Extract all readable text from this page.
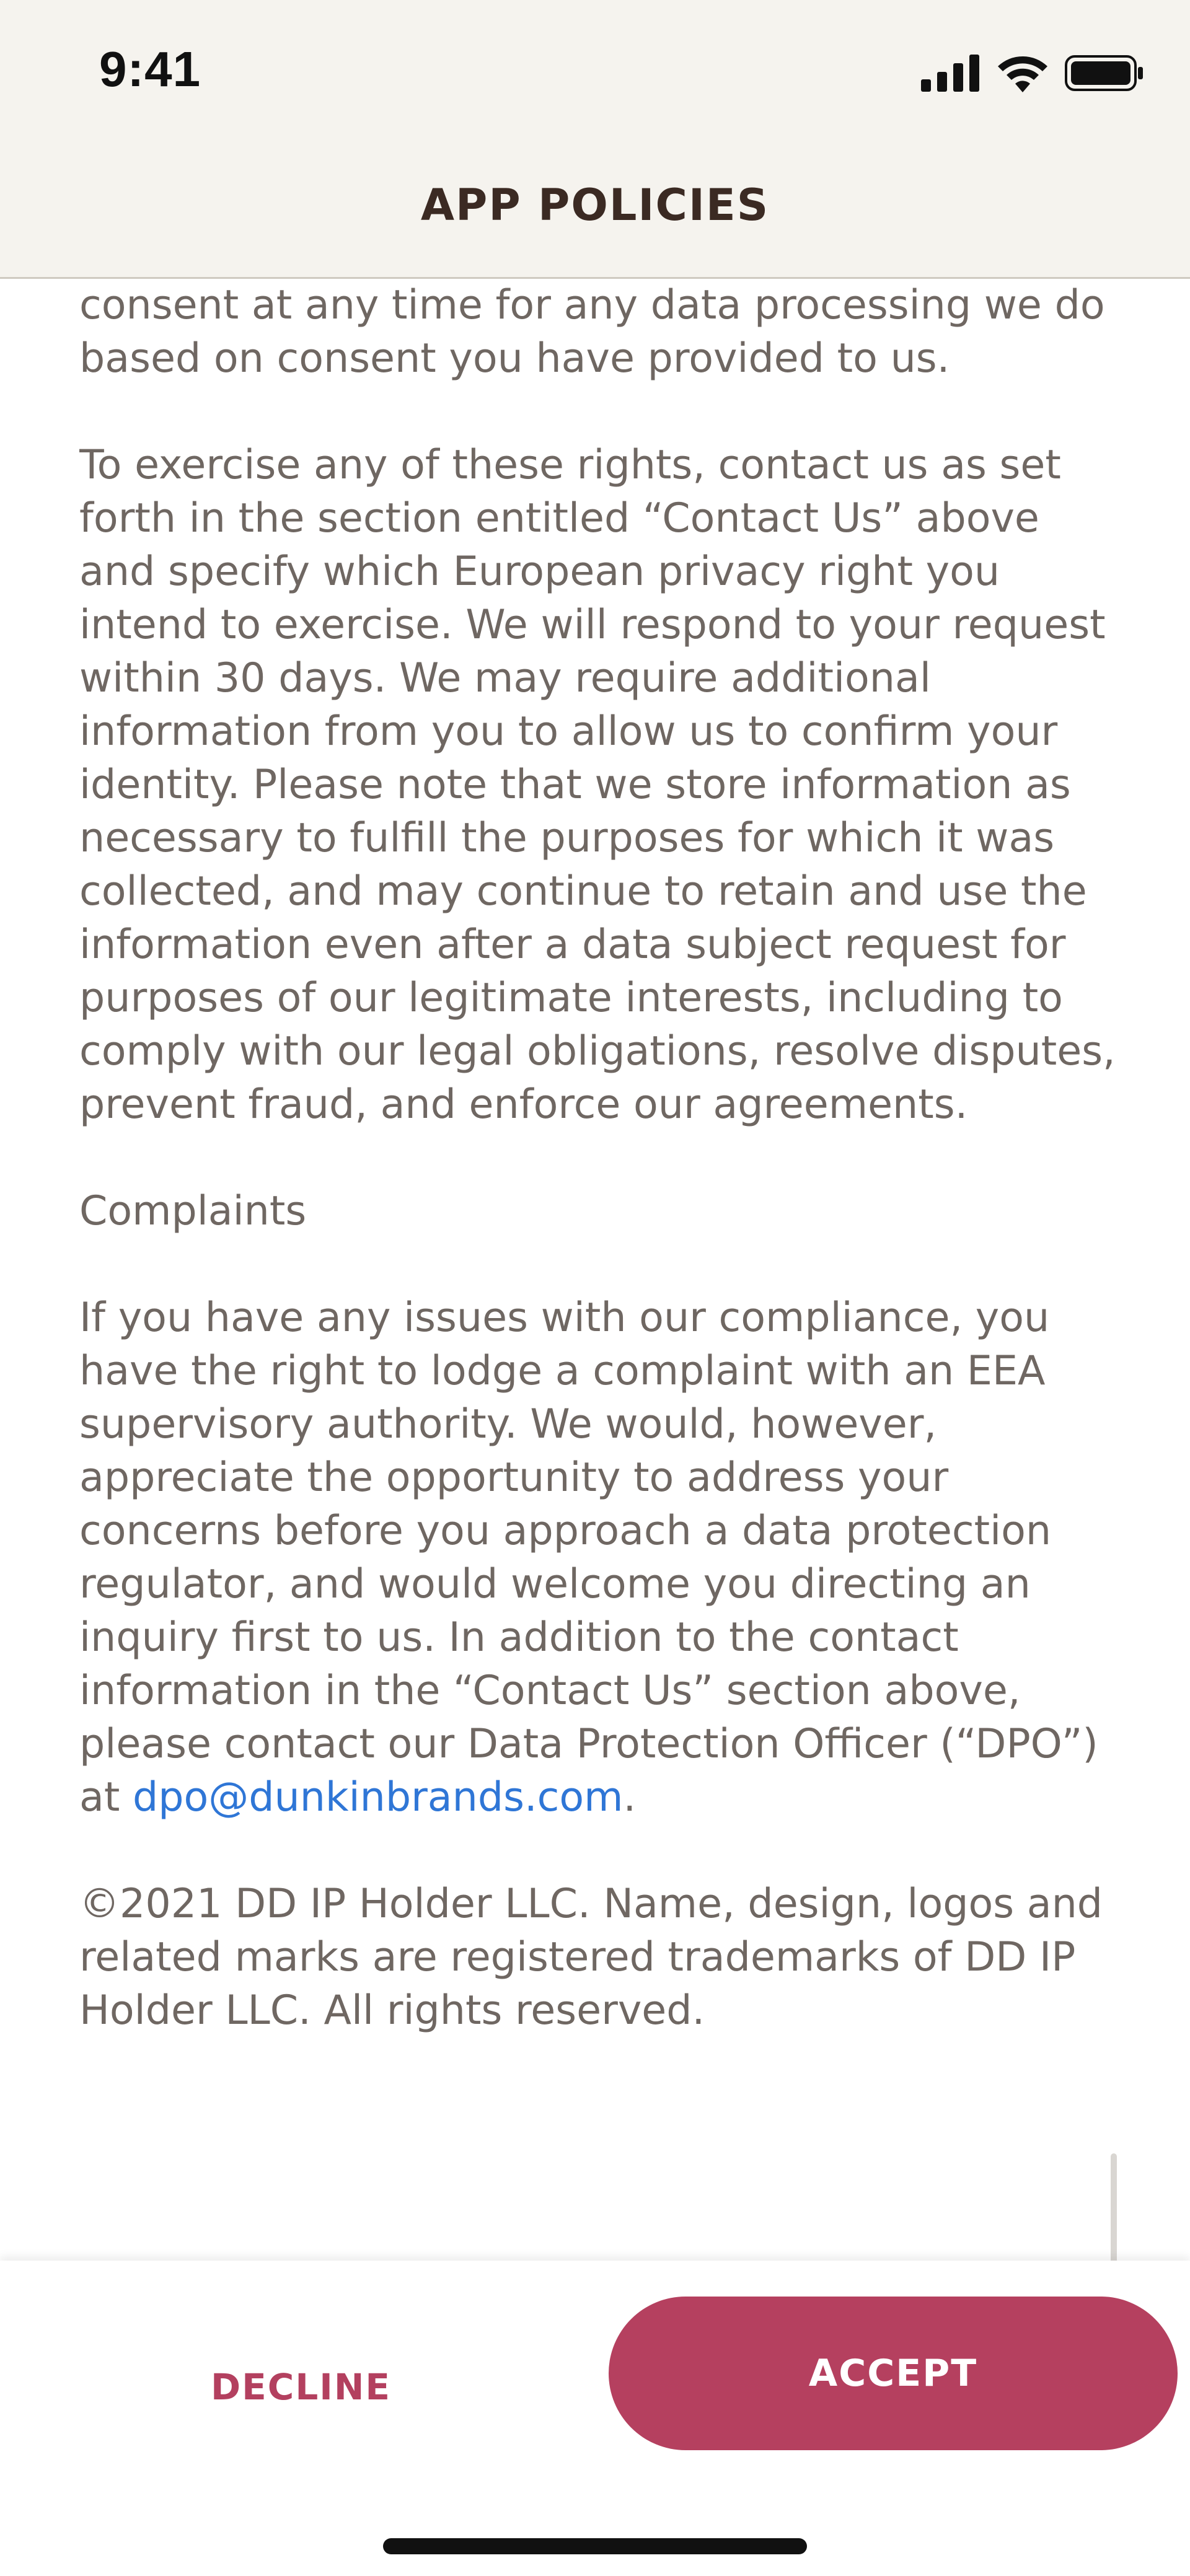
9:41
APP POLICIES

consent at any time for any data processing we do based on consent you have provided to us.

To exercise any of these rights, contact us as set forth in the section entitled “Contact Us” above and specify which European privacy right you intend to exercise. We will respond to your request within 30 days. We may require additional information from you to allow us to confirm your identity. Please note that we store information as necessary to fulfill the purposes for which it was collected, and may continue to retain and use the information even after a data subject request for purposes of our legitimate interests, including to comply with our legal obligations, resolve disputes, prevent fraud, and enforce our agreements.

Complaints

If you have any issues with our compliance, you have the right to lodge a complaint with an EEA supervisory authority. We would, however, appreciate the opportunity to address your concerns before you approach a data protection regulator, and would welcome you directing an inquiry first to us. In addition to the contact information in the “Contact Us” section above, please contact our Data Protection Officer (“DPO”) at dpo@dunkinbrands.com.

©2021 DD IP Holder LLC. Name, design, logos and related marks are registered trademarks of DD IP Holder LLC. All rights reserved.

DECLINE	ACCEPT
